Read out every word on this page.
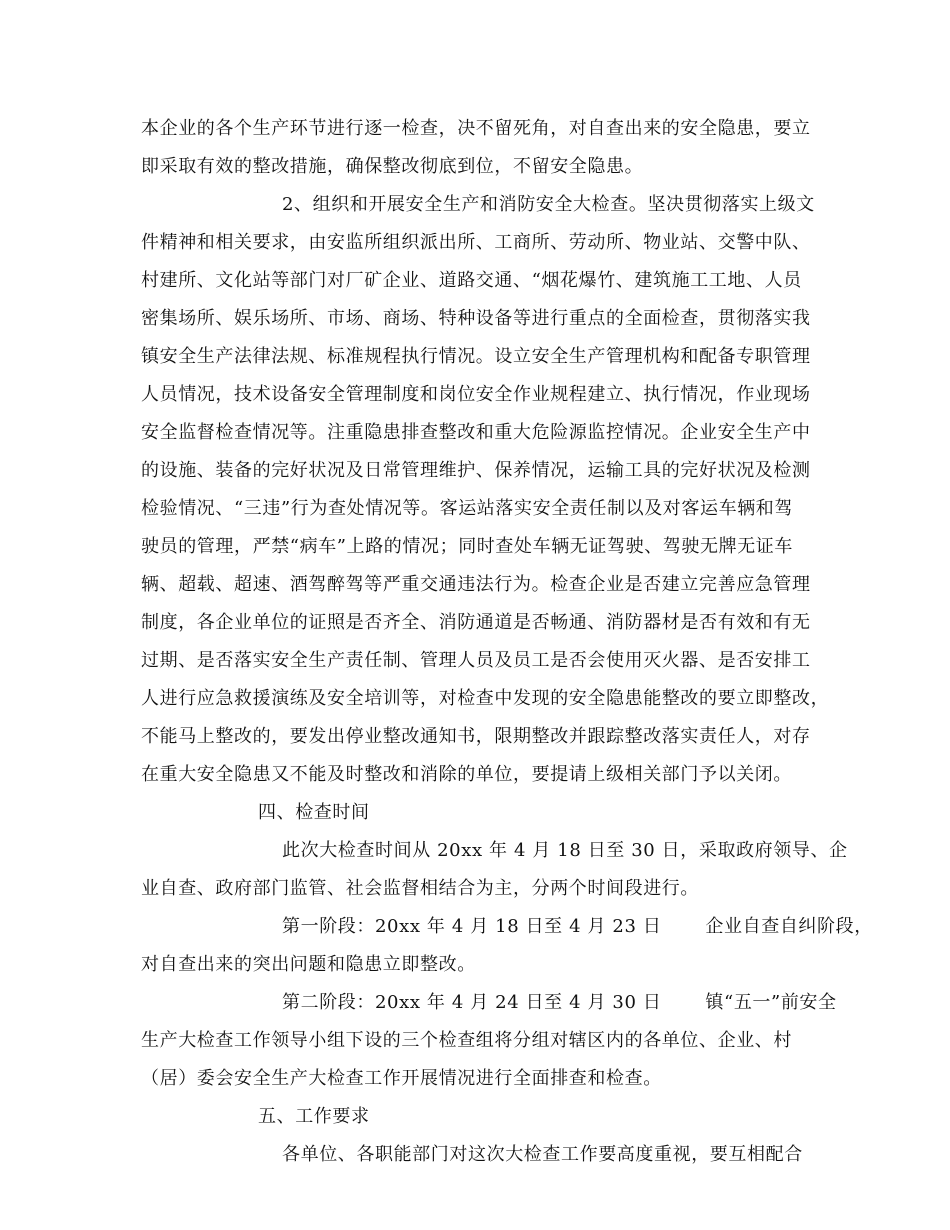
本企业的各个生产环节进行逐一检查，决不留死角，对自查出来的安全隐患，要立
即采取有效的整改措施，确保整改彻底到位，不留安全隐患。
2、组织和开展安全生产和消防安全大检查。坚决贯彻落实上级文
件精神和相关要求，由安监所组织派出所、工商所、劳动所、物业站、交警中队、
村建所、文化站等部门对厂矿企业、道路交通、“烟花爆竹、建筑施工工地、人员
密集场所、娱乐场所、市场、商场、特种设备等进行重点的全面检查，贯彻落实我
镇安全生产法律法规、标准规程执行情况。设立安全生产管理机构和配备专职管理
人员情况，技术设备安全管理制度和岗位安全作业规程建立、执行情况，作业现场
安全监督检查情况等。注重隐患排查整改和重大危险源监控情况。企业安全生产中
的设施、装备的完好状况及日常管理维护、保养情况，运输工具的完好状况及检测
检验情况、“三违”行为查处情况等。客运站落实安全责任制以及对客运车辆和驾
驶员的管理，严禁“病车”上路的情况；同时查处车辆无证驾驶、驾驶无牌无证车
辆、超载、超速、酒驾醉驾等严重交通违法行为。检查企业是否建立完善应急管理
制度，各企业单位的证照是否齐全、消防通道是否畅通、消防器材是否有效和有无
过期、是否落实安全生产责任制、管理人员及员工是否会使用灭火器、是否安排工
人进行应急救援演练及安全培训等，对检查中发现的安全隐患能整改的要立即整改，
不能马上整改的，要发出停业整改通知书，限期整改并跟踪整改落实责任人，对存
在重大安全隐患又不能及时整改和消除的单位，要提请上级相关部门予以关闭。
四、检查时间
此次大检查时间从 20xx 年 4 月 18 日至 30 日，采取政府领导、企
业自查、政府部门监管、社会监督相结合为主，分两个时间段进行。
第一阶段：20xx 年 4 月 18 日至 4 月 23 日 企业自查自纠阶段，
对自查出来的突出问题和隐患立即整改。
第二阶段：20xx 年 4 月 24 日至 4 月 30 日 镇“五一”前安全
生产大检查工作领导小组下设的三个检查组将分组对辖区内的各单位、企业、村
（居）委会安全生产大检查工作开展情况进行全面排查和检查。
五、工作要求
各单位、各职能部门对这次大检查工作要高度重视，要互相配合
